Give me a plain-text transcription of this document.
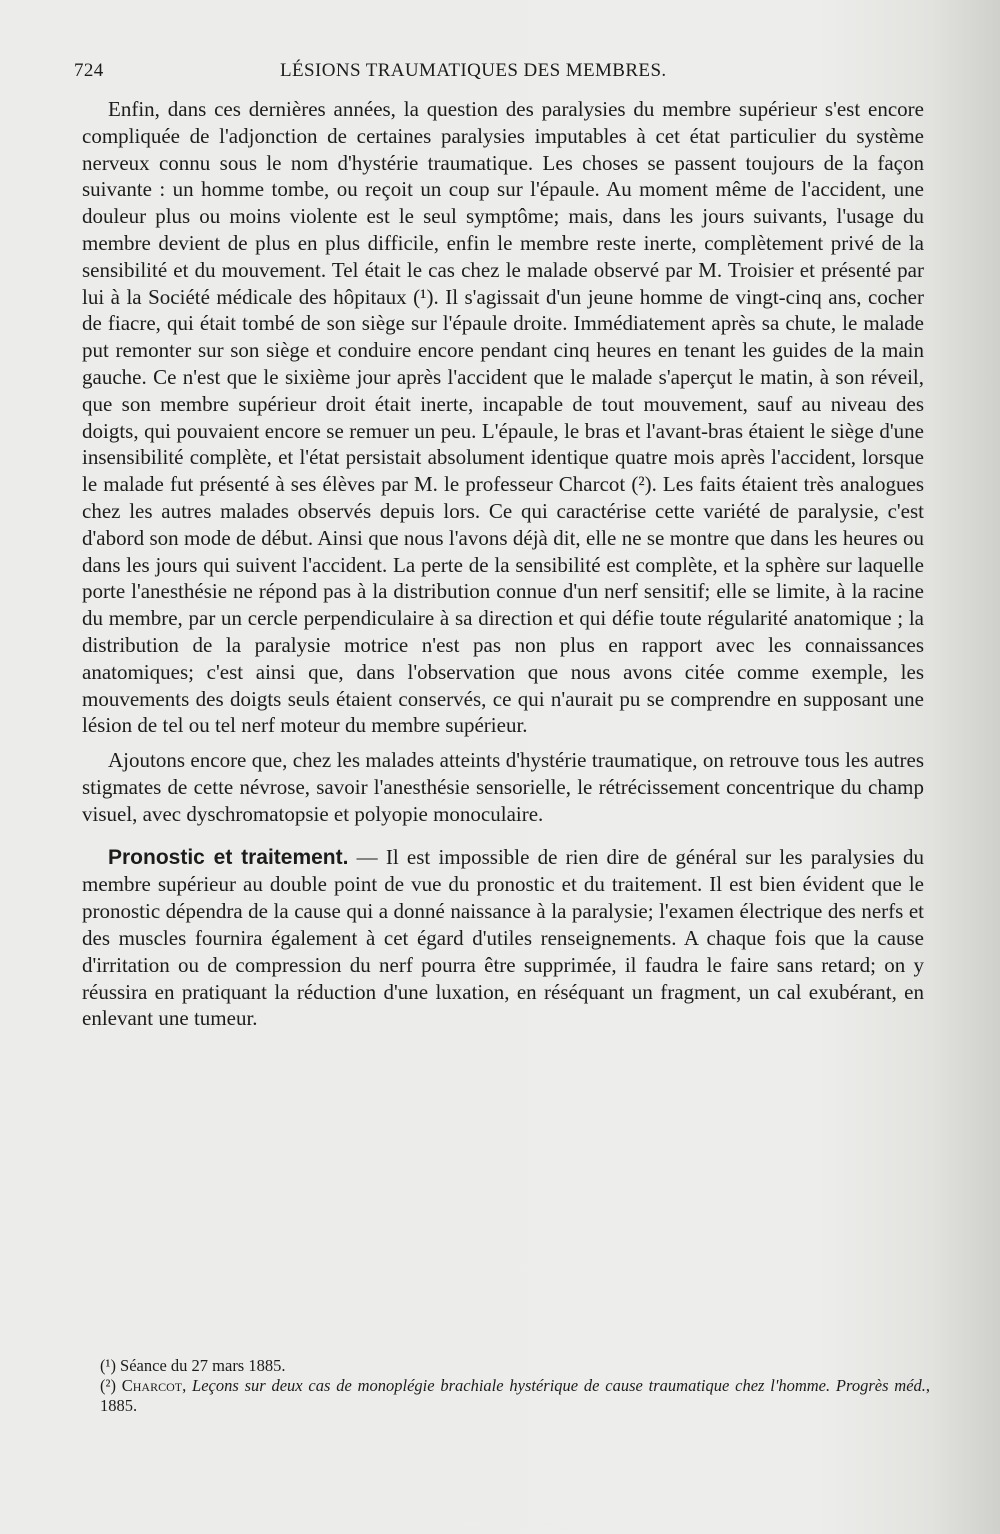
724	LÉSIONS TRAUMATIQUES DES MEMBRES.

Enfin, dans ces dernières années, la question des paralysies du membre supérieur s'est encore compliquée de l'adjonction de certaines paralysies imputables à cet état particulier du système nerveux connu sous le nom d'hystérie traumatique. Les choses se passent toujours de la façon suivante : un homme tombe, ou reçoit un coup sur l'épaule. Au moment même de l'accident, une douleur plus ou moins violente est le seul symptôme; mais, dans les jours suivants, l'usage du membre devient de plus en plus difficile, enfin le membre reste inerte, complètement privé de la sensibilité et du mouvement. Tel était le cas chez le malade observé par M. Troisier et présenté par lui à la Société médicale des hôpitaux (¹). Il s'agissait d'un jeune homme de vingt-cinq ans, cocher de fiacre, qui était tombé de son siège sur l'épaule droite. Immédiatement après sa chute, le malade put remonter sur son siège et conduire encore pendant cinq heures en tenant les guides de la main gauche. Ce n'est que le sixième jour après l'accident que le malade s'aperçut le matin, à son réveil, que son membre supérieur droit était inerte, incapable de tout mouvement, sauf au niveau des doigts, qui pouvaient encore se remuer un peu. L'épaule, le bras et l'avant-bras étaient le siège d'une insensibilité complète, et l'état persistait absolument identique quatre mois après l'accident, lorsque le malade fut présenté à ses élèves par M. le professeur Charcot (²). Les faits étaient très analogues chez les autres malades observés depuis lors. Ce qui caractérise cette variété de paralysie, c'est d'abord son mode de début. Ainsi que nous l'avons déjà dit, elle ne se montre que dans les heures ou dans les jours qui suivent l'accident. La perte de la sensibilité est complète, et la sphère sur laquelle porte l'anesthésie ne répond pas à la distribution connue d'un nerf sensitif; elle se limite, à la racine du membre, par un cercle perpendiculaire à sa direction et qui défie toute régularité anatomique ; la distribution de la paralysie motrice n'est pas non plus en rapport avec les connaissances anatomiques; c'est ainsi que, dans l'observation que nous avons citée comme exemple, les mouvements des doigts seuls étaient conservés, ce qui n'aurait pu se comprendre en supposant une lésion de tel ou tel nerf moteur du membre supérieur.

Ajoutons encore que, chez les malades atteints d'hystérie traumatique, on retrouve tous les autres stigmates de cette névrose, savoir l'anesthésie sensorielle, le rétrécissement concentrique du champ visuel, avec dyschromatopsie et polyopie monoculaire.

Pronostic et traitement. — Il est impossible de rien dire de général sur les paralysies du membre supérieur au double point de vue du pronostic et du traitement. Il est bien évident que le pronostic dépendra de la cause qui a donné naissance à la paralysie; l'examen électrique des nerfs et des muscles fournira également à cet égard d'utiles renseignements. A chaque fois que la cause d'irritation ou de compression du nerf pourra être supprimée, il faudra le faire sans retard; on y réussira en pratiquant la réduction d'une luxation, en réséquant un fragment, un cal exubérant, en enlevant une tumeur.

(¹) Séance du 27 mars 1885.

(²) Charcot, Leçons sur deux cas de monoplégie brachiale hystérique de cause traumatique chez l'homme. Progrès méd., 1885.
